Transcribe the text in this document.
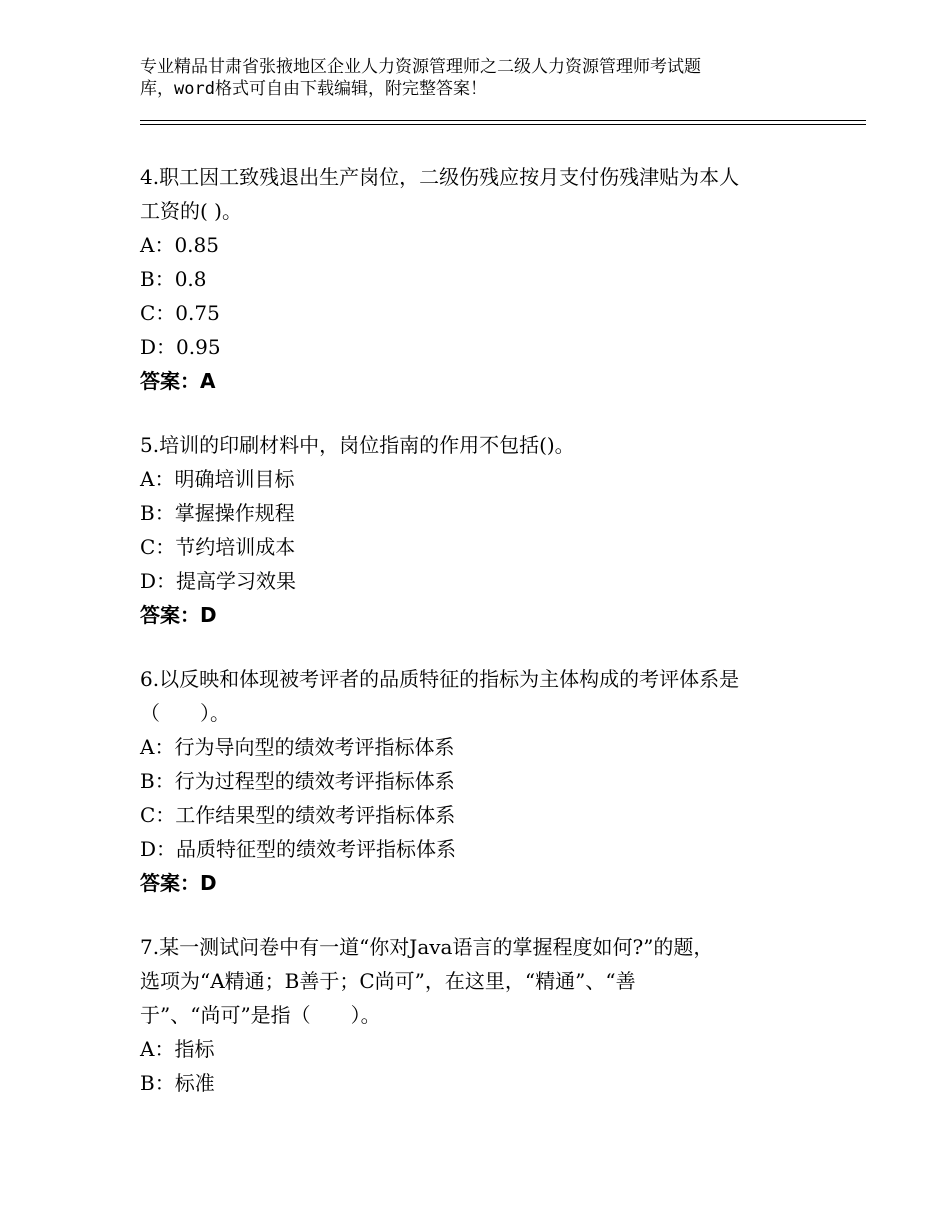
专业精品甘肃省张掖地区企业人力资源管理师之二级人力资源管理师考试题
库，word格式可自由下载编辑，附完整答案！
4.职工因工致残退出生产岗位，二级伤残应按月支付伤残津贴为本人
工资的( )。
A：0.85
B：0.8
C：0.75
D：0.95
答案：A
5.培训的印刷材料中，岗位指南的作用不包括()。
A：明确培训目标
B：掌握操作规程
C：节约培训成本
D：提高学习效果
答案：D
6.以反映和体现被考评者的品质特征的指标为主体构成的考评体系是
（　　）。
A：行为导向型的绩效考评指标体系
B：行为过程型的绩效考评指标体系
C：工作结果型的绩效考评指标体系
D：品质特征型的绩效考评指标体系
答案：D
7.某一测试问卷中有一道“你对Java语言的掌握程度如何?”的题，
选项为“A精通；B善于；C尚可”，在这里，“精通”、“善
于”、“尚可”是指（　　）。
A：指标
B：标准
